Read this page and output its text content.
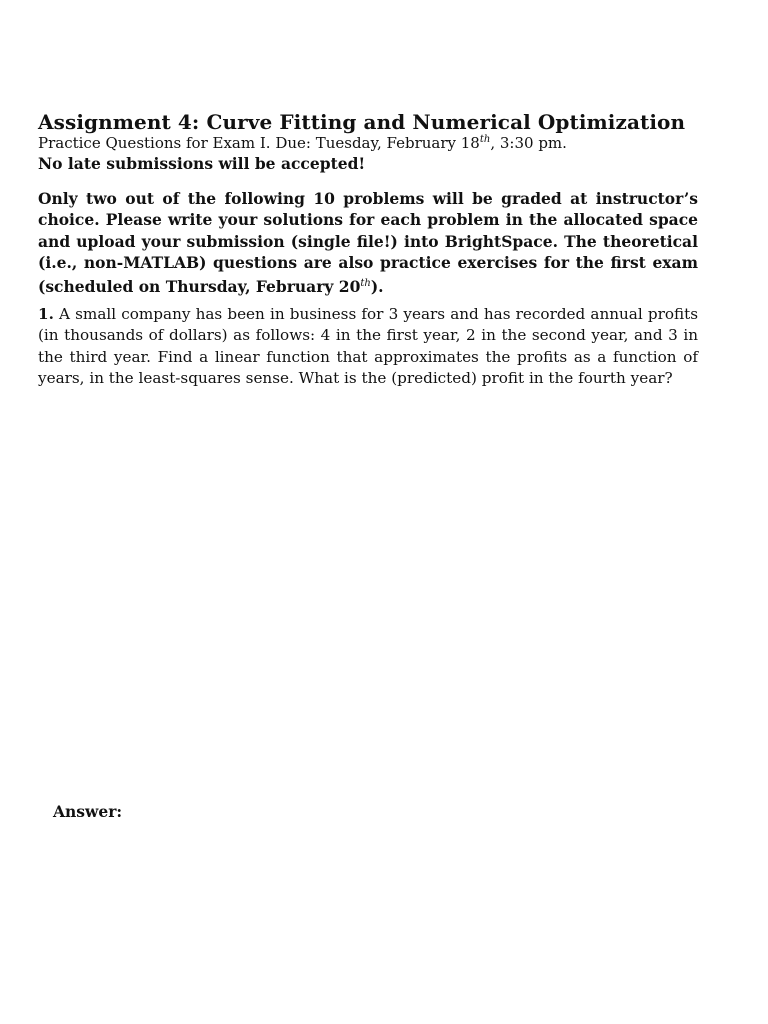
Assignment 4: Curve Fitting and Numerical Optimization
Practice Questions for Exam I. Due: Tuesday, February 18th, 3:30 pm.
No late submissions will be accepted!
Only two out of the following 10 problems will be graded at instructor’s choice. Please write your solutions for each problem in the allocated space and upload your submission (single file!) into BrightSpace. The theoretical (i.e., non-MATLAB) questions are also practice exercises for the first exam (scheduled on Thursday, February 20th).
1. A small company has been in business for 3 years and has recorded annual profits (in thousands of dollars) as follows: 4 in the first year, 2 in the second year, and 3 in the third year. Find a linear function that approximates the profits as a function of years, in the least-squares sense. What is the (predicted) profit in the fourth year?
Answer:
